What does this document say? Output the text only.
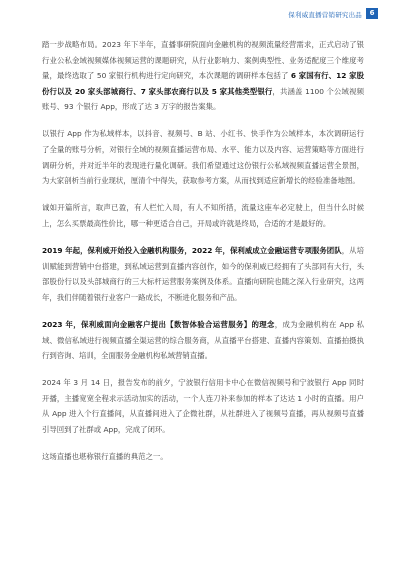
保利威直播营销研究出品	6

踏一步战略布局。2023 年下半年，直播事研院面向金融机构的视频流量经营需求，正式启动了银行业公私金域视频媒体视频运营的课题研究，从行业影响力、案例典型性、业务适配度三个维度考量，最终选取了 50 家银行机构进行定向研究，本次课题的调研样本包括了 6 家国有行、12 家股份行以及 20 家头部城商行、7 家头部农商行以及 5 家其他类型银行，共涵盖 1100 个公域视频账号、93 个银行 App，形成了达 3 万字的报告案集。

以银行 App 作为私域样本，以抖音、视频号、B 站、小红书、快手作为公域样本，本次调研运行了全量的账号分析，对银行全域的视频直播运营布局、水平、能力以及内容、运营策略等方面进行调研分析，并对近半年的表现进行量化调研。我们希望通过这份银行公私域视频直播运营全景图，为大家剖析当前行业现状，厘清个中得失，获取参考方案，从而找到适应新增长的经验准备地图。

诚如开篇所言，取声已盈，有人栏忙入局，有人不知所措，流量这座车必定驶上，但当什么时候上，怎么买票最高性价比，哪一种更适合自己，开局或许就是终局，合适的才是最好的。

2019 年起，保利威开始投入金融机构服务，2022 年，保利威成立金融运营专项服务团队，从培训赋能到营销中台搭建，到私域运营到直播内容创作，如今的保利威已经拥有了头部同有大行，头部股份行以及头部城商行的三大标杆运营服务案例及体系。直播向研院也随之深入行业研究，这两年，我们伴随着银行业客户一路成长，不断进化服务和产品。

2023 年，保利威面向金融客户提出【数智体验合运营服务】的理念，成为金融机构在 App 私域、微信私域进行视频直播全渠运营的综合服务商，从直播平台搭建、直播内容策划、直播拍摄执行到咨询、培训，全面服务金融机构私域营销直播。

2024 年 3 月 14 日，报告发布的前夕，宁波银行信用卡中心在微信视频号和宁波银行 App 同时开播，主播宽宽全程求示活动加实的活动，一个人连刀补来参加的样本了达达 1 小时的直播。用户从 App 进入个行直播间，从直播间进入了企微社群，从社群进入了视频号直播，再从视频号直播引导回到了社群或 App，完成了闭环。

这场直播也堪称银行直播的典范之一。
